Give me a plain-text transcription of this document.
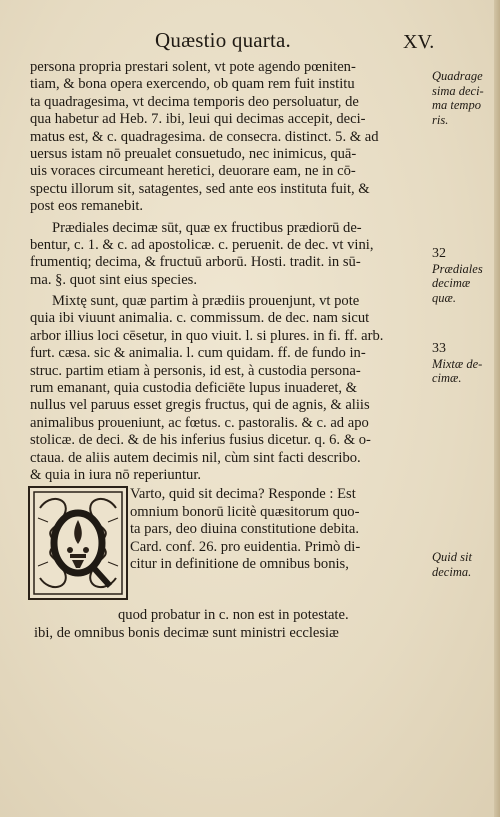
Quæstio quarta.	XV.
persona propria prestari solent, vt pote agendo pœniten-
tiam, & bona opera exercendo, ob quam rem fuit institu
ta quadragesima, vt decima temporis deo persoluatur, de
qua habetur ad Heb. 7. ibi, leui qui decimas accepit, deci-
matus est, & c. quadragesima. de consecra. distinct. 5. & ad
uersus istam nō preualet consuetudo, nec inimicus, quā-
uis voraces circumeant heretici, deuorare eam, ne in cō-
spectu illorum sit, satagentes, sed ante eos instituta fuit, &
post eos remanebit.
Prædiales decimæ sūt, quæ ex fructibus prædiorū de-
bentur, c. 1. & c. ad apostolicæ. c. peruenit. de dec. vt vini,
frumentiq; decima, & fructuū arborū. Hosti. tradit. in sū-
ma. §. quot sint eius species.
Mixtę sunt, quæ partim à prædiis prouenjunt, vt pote
quia ibi viuunt animalia. c. commissum. de dec. nam sicut
arbor illius loci cēsetur, in quo viuit. l. si plures. in fi. ff. arb.
furt. cæsa. sic & animalia. l. cum quidam. ff. de fundo in-
struc. partim etiam à personis, id est, à custodia persona-
rum emanant, quia custodia deficiēte lupus inuaderet, &
nullus vel paruus esset gregis fructus, qui de agnis, & aliis
animalibus proueniunt, ac fœtus. c. pastoralis. & c. ad apo
stolicæ. de deci. & de his inferius fusius dicetur. q. 6. & o-
ctaua. de aliis autem decimis nil, cùm sint facti describo.
& quia in iura nō reperiuntur.
Varto, quid sit decima? Responde : Est
omnium bonorū licitè quæsitorum quo-
ta pars, deo diuina constitutione debita.
Card. conf. 26. pro euidentia. Primò di-
citur in definitione de omnibus bonis,
quod probatur in c. non est in potestate.
ibi, de omnibus bonis decimæ sunt ministri ecclesiæ
Quadrage
sima deci-
ma tempo
ris.
32
Prædiales
decimæ
quæ.
33
Mixtæ de-
cimæ.
Quid sit
decima.
